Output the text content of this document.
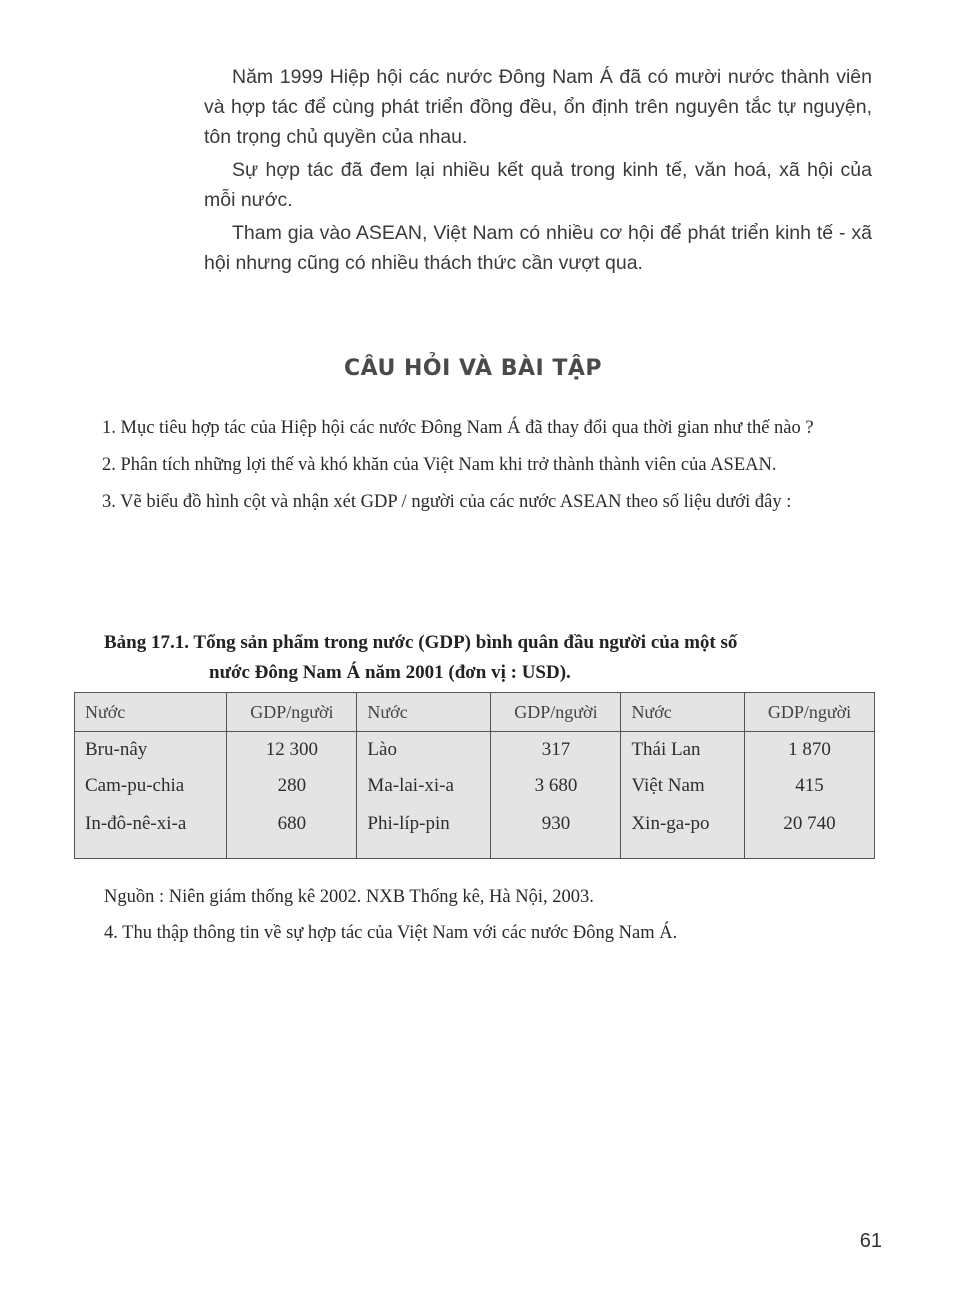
Năm 1999 Hiệp hội các nước Đông Nam Á đã có mười nước thành viên và hợp tác để cùng phát triển đồng đều, ổn định trên nguyên tắc tự nguyện, tôn trọng chủ quyền của nhau.

Sự hợp tác đã đem lại nhiều kết quả trong kinh tế, văn hoá, xã hội của mỗi nước.

Tham gia vào ASEAN, Việt Nam có nhiều cơ hội để phát triển kinh tế - xã hội nhưng cũng có nhiều thách thức cần vượt qua.

CÂU HỎI VÀ BÀI TẬP

1. Mục tiêu hợp tác của Hiệp hội các nước Đông Nam Á đã thay đổi qua thời gian như thế nào ?

2. Phân tích những lợi thế và khó khăn của Việt Nam khi trở thành thành viên của ASEAN.

3. Vẽ biểu đồ hình cột và nhận xét GDP / người của các nước ASEAN theo số liệu dưới đây :

Bảng 17.1. Tổng sản phẩm trong nước (GDP) bình quân đầu người của một số
nước Đông Nam Á năm 2001 (đơn vị : USD).
Nước	GDP/người	Nước	GDP/người	Nước	GDP/người
Bru-nây	12 300	Lào	317	Thái Lan	1 870
Cam-pu-chia	280	Ma-lai-xi-a	3 680	Việt Nam	415
In-đô-nê-xi-a	680	Phi-líp-pin	930	Xin-ga-po	20 740

Nguồn : Niên giám thống kê 2002. NXB Thống kê, Hà Nội, 2003.

4. Thu thập thông tin về sự hợp tác của Việt Nam với các nước Đông Nam Á.

61
